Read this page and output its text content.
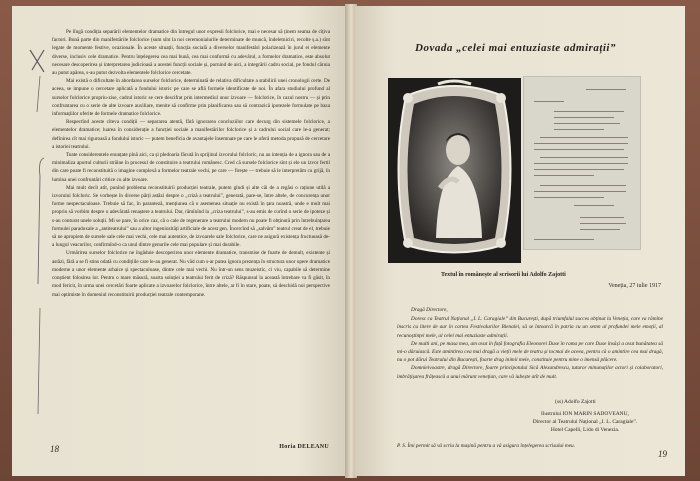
Pe lîngă condiția separării elementelor dramatice din întregul unor expresii folclorice, mai e necesar să ținem seama de cîțiva factori. Bună parte din manifestările folclorice (sum sînt la noi ceremonialurile determinate de muncă, îndeletniciri, recolte ș.a.) sînt legate de momente festive, ocazionale. În aceste situații, funcția socială a diverselor manifestări polarizează în jurul ei elemente diverse, inclusiv cele dramatice. Pentru înțelegerea cea mai bună, cea mai conformă cu adevărul, a formelor dramatice, este absolut necesare descoperirea și interpretarea judicioasă a acestei funcții sociale și, pornind de aici, a integrării cadru social, pe fondul căruia au putut apărea, s-au putut dezvolta elementele folclorice cercetate.

Mai există o dificultate în abordarea surselor folclorice, determinată de relativa dificultate a stabilirii unei cronologii certe. De aceea, se impune o cercetare aplicată a fondului istoric pe care se află formele identificate de noi. În afara studiului profund al surselor folclorice propriu-zise, cadrul istoric se cere descifrat prin intermediul unor izvoare — folclorice, în cazul nostru — și prin confruntarea cu o serie de alte izvoare auxiliare, menite să confirme prin planificarea sau să contrazică ipotezele formulate pe baza informațiilor oferite de formele dramatice folclorice.

Respectînd aceste cîteva condiții — separarea atentă, fără ignorarea concluziilor care decurg din sistemele folclorice, a elementelor dramatice; luarea în considerație a funcției sociale a manifestărilor folclorice și a cadrului social care le-a generat; definirea cît mai riguroasă a fondului istoric — putem beneficia de avantajele însemnate pe care le oferă metoda propusă de cercetare a istoriei teatrului.

Toate considerentele enunțate pînă aici, ca și pledoaria făcută în sprijinul izvorului folcloric, nu au intenția de a ignora sau de a minimaliza aportul culturii străine în procesul de constituire a teatrului românesc. Cred că sursele folclorice sînt și ele un izvor fertil din care poate fi reconstituită o imagine complexă a formelor teatrale vechi, pe care — firește — trebuie să le interpretăm cu grijă, în lumina unei confruntări critice cu alte izvoare.

Mai mult decît atît, punînd problema reconstituirii producției teatrale, putem gîndi și alte căi de a regăsi o rațiune utilă a izvorului folcloric. Se vorbește în diverse părți astăzi despre o „criză a teatrului”, generată, pare-se, între altele, de concurența unor forme nespectaculoase. Trebuie să fac, în paranteză, mențiunea că o asemenea situație nu există în țara noastră, unde e mult mai propriu să vorbim despre o adevărată renaștere a teatrului. Dar, rămînînd la „criza teatrului”, s-au emis de curînd o serie de ipoteze și s-au conturat unele soluții. Mi se pare, în orice caz, că o cale de regenerare a teatrului modern nu poate fi obținută prin întrebuințarea formulei paradoxale a „antiteatrului” sau a altor ingeniozități artificiale de acest gen. Încercînd să „salvăm” teatrul creat de el, trebuie să ne apropiem de sursele sale cele mai vechi, cele mai autentice, de izvoarele sale folclorice, care ne asigură existența fructuoasă de-a lungul veacurilor, confirmînd-o ca unul dintre genurile cele mai populare și mai durabile.

Urmărirea surselor folclorice ne îngăduie descoperirea unor elemente dramatice, transmise de foarte de demult, existente și astăzi, fără a se fi stins odată cu condițiile care le-au generat. Nu văd cum s-ar putea ignora prezența în structura unor opere dramatice moderne a unor elemente arhaice și spectaculoase, dintre cele mai vechi. Nu într-un sens muzeistic, ci viu, capabile să determine conștient folosirea lor. Pentru o mare măsură, soarta soluției a teatrului ferit de criză? Răspunsul la această întrebare va fi găsit, în mod fericit, în urma unei cercetări foarte aplicate a izvoarelor folclorice, între altele, ar fi în stare, poate, să deschidă noi perspective mai optimiste în domeniul reconstituirii producției teatrale contemporane.

Horia DELEANU
18
Dovada „celei mai entuziaste admirații”
Textul în românește al scrisorii lui Adolfo Zajotti
Veneția, 27 iulie 1917

Dragă Directore,

Doresc ca Teatrul Național „I. L. Caragiale” din București, după triumfalul succes obținut la Veneția, care va rămîne înscris cu litere de aur în cartea Festivalurilor Bienalei, să se întoarcă în patria cu un semn al profundei mele emoții, al recunoștinței mele, al celei mai entuziaste admirații.

De multi ani, pe masa mea, am avut în față fotografia Eleonorei Duse în rama pe care Duse însăși a avut bunătatea să mi-o dăruiască. Este amintirea cea mai dragă a vieții mele de teatru și tocmai de aceea, pentru că o amintire cea mai dragă, nu o pot dărui Teatrului din București, foarte drag inimii mele, constituie pentru mine o imensă plăcere.

Domnieivoastre, dragă Directore, foarte principotului Sică Alexandrescu, tuturor minunaților actori și colaboratori, îmbrățișarea frățească a unui mărunt venețian, care vă iubește atît de mult.

(ss) Adolfo Zajotti
Ilustrului ION MARIN SADOVEANU,
Director al Teatrului Național „I. L. Caragiale”.
Hotel Capelli, Lido di Venezia.
P. S. Îmi permit să vă scriu la mașină pentru a vă asigura înțelegerea scrisului meu.
19
